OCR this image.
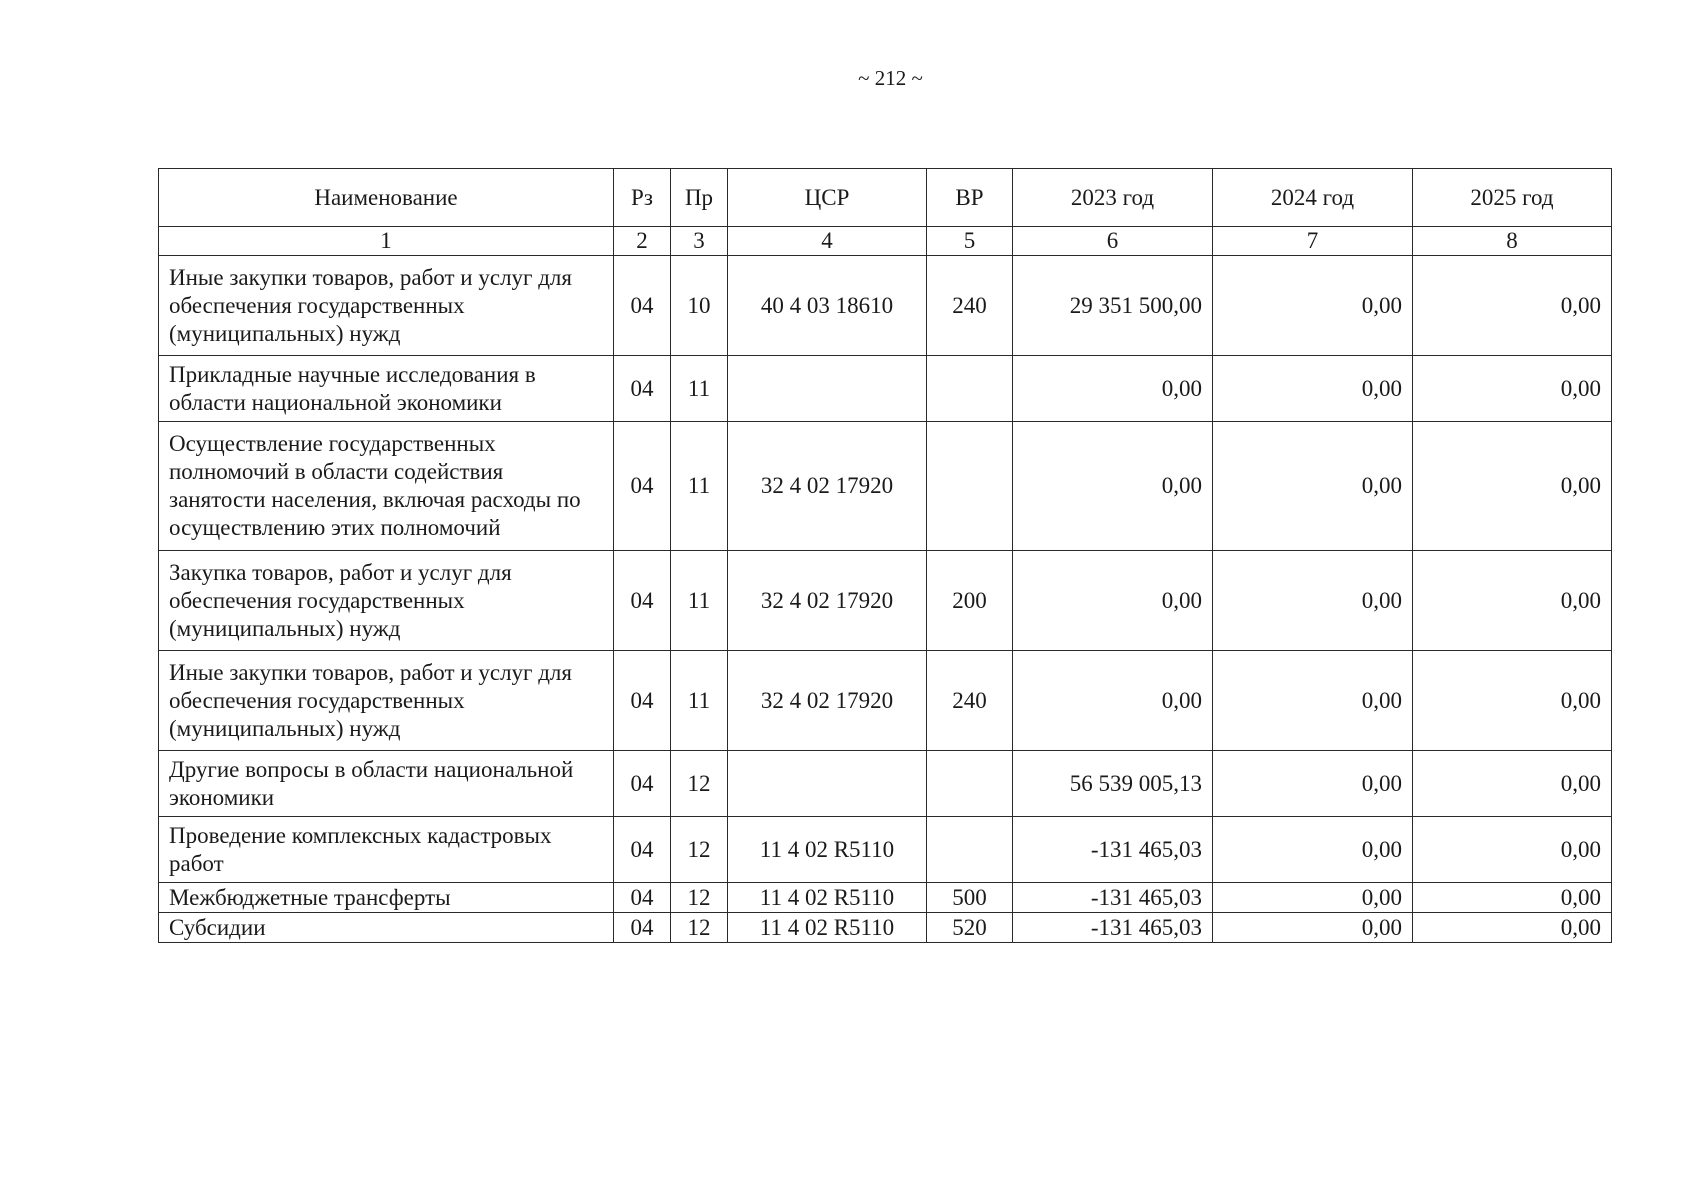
~ 212 ~
Наименование	Рз	Пр	ЦСР	ВР	2023 год	2024 год	2025 год
1	2	3	4	5	6	7	8
Иные закупки товаров, работ и услуг для обеспечения государственных (муниципальных) нужд	04	10	40 4 03 18610	240	29 351 500,00	0,00	0,00
Прикладные научные исследования в области национальной экономики	04	11			0,00	0,00	0,00
Осуществление государственных полномочий в области содействия занятости населения, включая расходы по осуществлению этих полномочий	04	11	32 4 02 17920		0,00	0,00	0,00
Закупка товаров, работ и услуг для обеспечения государственных (муниципальных) нужд	04	11	32 4 02 17920	200	0,00	0,00	0,00
Иные закупки товаров, работ и услуг для обеспечения государственных (муниципальных) нужд	04	11	32 4 02 17920	240	0,00	0,00	0,00
Другие вопросы в области национальной экономики	04	12			56 539 005,13	0,00	0,00
Проведение комплексных кадастровых работ	04	12	11 4 02 R5110		-131 465,03	0,00	0,00
Межбюджетные трансферты	04	12	11 4 02 R5110	500	-131 465,03	0,00	0,00
Субсидии	04	12	11 4 02 R5110	520	-131 465,03	0,00	0,00
